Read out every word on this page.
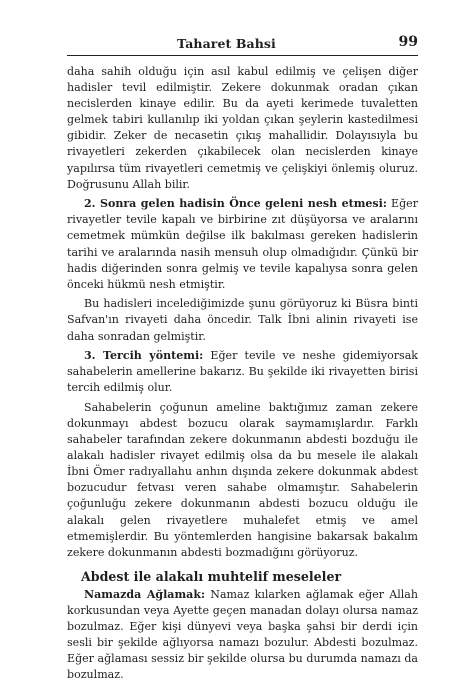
Taharet Bahsi	99

daha sahih olduğu için asıl kabul edilmiş ve çelişen diğer hadisler tevil edilmiştir. Zekere dokunmak oradan çıkan necislerden kinaye edilir. Bu da ayeti kerimede tuvaletten gelmek tabiri kullanılıp iki yoldan çıkan şeylerin kastedilmesi gibidir. Zeker de necasetin çıkış mahallidir. Dolayısıyla bu rivayetleri zekerden çıkabilecek olan necislerden kinaye yapılırsa tüm rivayetleri cemetmiş ve çelişkiyi önlemiş oluruz. Doğrusunu Allah bilir.

2. Sonra gelen hadisin Önce geleni nesh etmesi: Eğer rivayetler tevile kapalı ve birbirine zıt düşüyorsa ve aralarını cemetmek mümkün değilse ilk bakılması gereken hadislerin tarihi ve aralarında nasih mensuh olup olmadığıdır. Çünkü bir hadis diğerinden sonra gelmiş ve tevile kapalıysa sonra gelen önceki hükmü nesh etmiştir.

Bu hadisleri incelediğimizde şunu görüyoruz ki Büsra binti Safvan'ın rivayeti daha öncedir. Talk İbni alinin rivayeti ise daha sonradan gelmiştir.

3. Tercih yöntemi: Eğer tevile ve neshe gidemiyorsak sahabelerin amellerine bakarız. Bu şekilde iki rivayetten birisi tercih edilmiş olur.

Sahabelerin çoğunun ameline baktığımız zaman zekere dokunmayı abdest bozucu olarak saymamışlardır. Farklı sahabeler tarafından zekere dokunmanın abdesti bozduğu ile alakalı hadisler rivayet edilmiş olsa da bu mesele ile alakalı İbni Ömer radıyallahu anhın dışında zekere dokunmak abdest bozucudur fetvası veren sahabe olmamıştır. Sahabelerin çoğunluğu zekere dokunmanın abdesti bozucu olduğu ile alakalı gelen rivayetlere muhalefet etmiş ve amel etmemişlerdir. Bu yöntemlerden hangisine bakarsak bakalım zekere dokunmanın abdesti bozmadığını görüyoruz.

Abdest ile alakalı muhtelif meseleler

Namazda Ağlamak: Namaz kılarken ağlamak eğer Allah korkusundan veya Ayette geçen manadan dolayı olursa namaz bozulmaz. Eğer kişi dünyevi veya başka şahsi bir derdi için sesli bir şekilde ağlıyorsa namazı bozulur. Abdesti bozulmaz. Eğer ağlaması sessiz bir şekilde olursa bu durumda namazı da bozulmaz.
